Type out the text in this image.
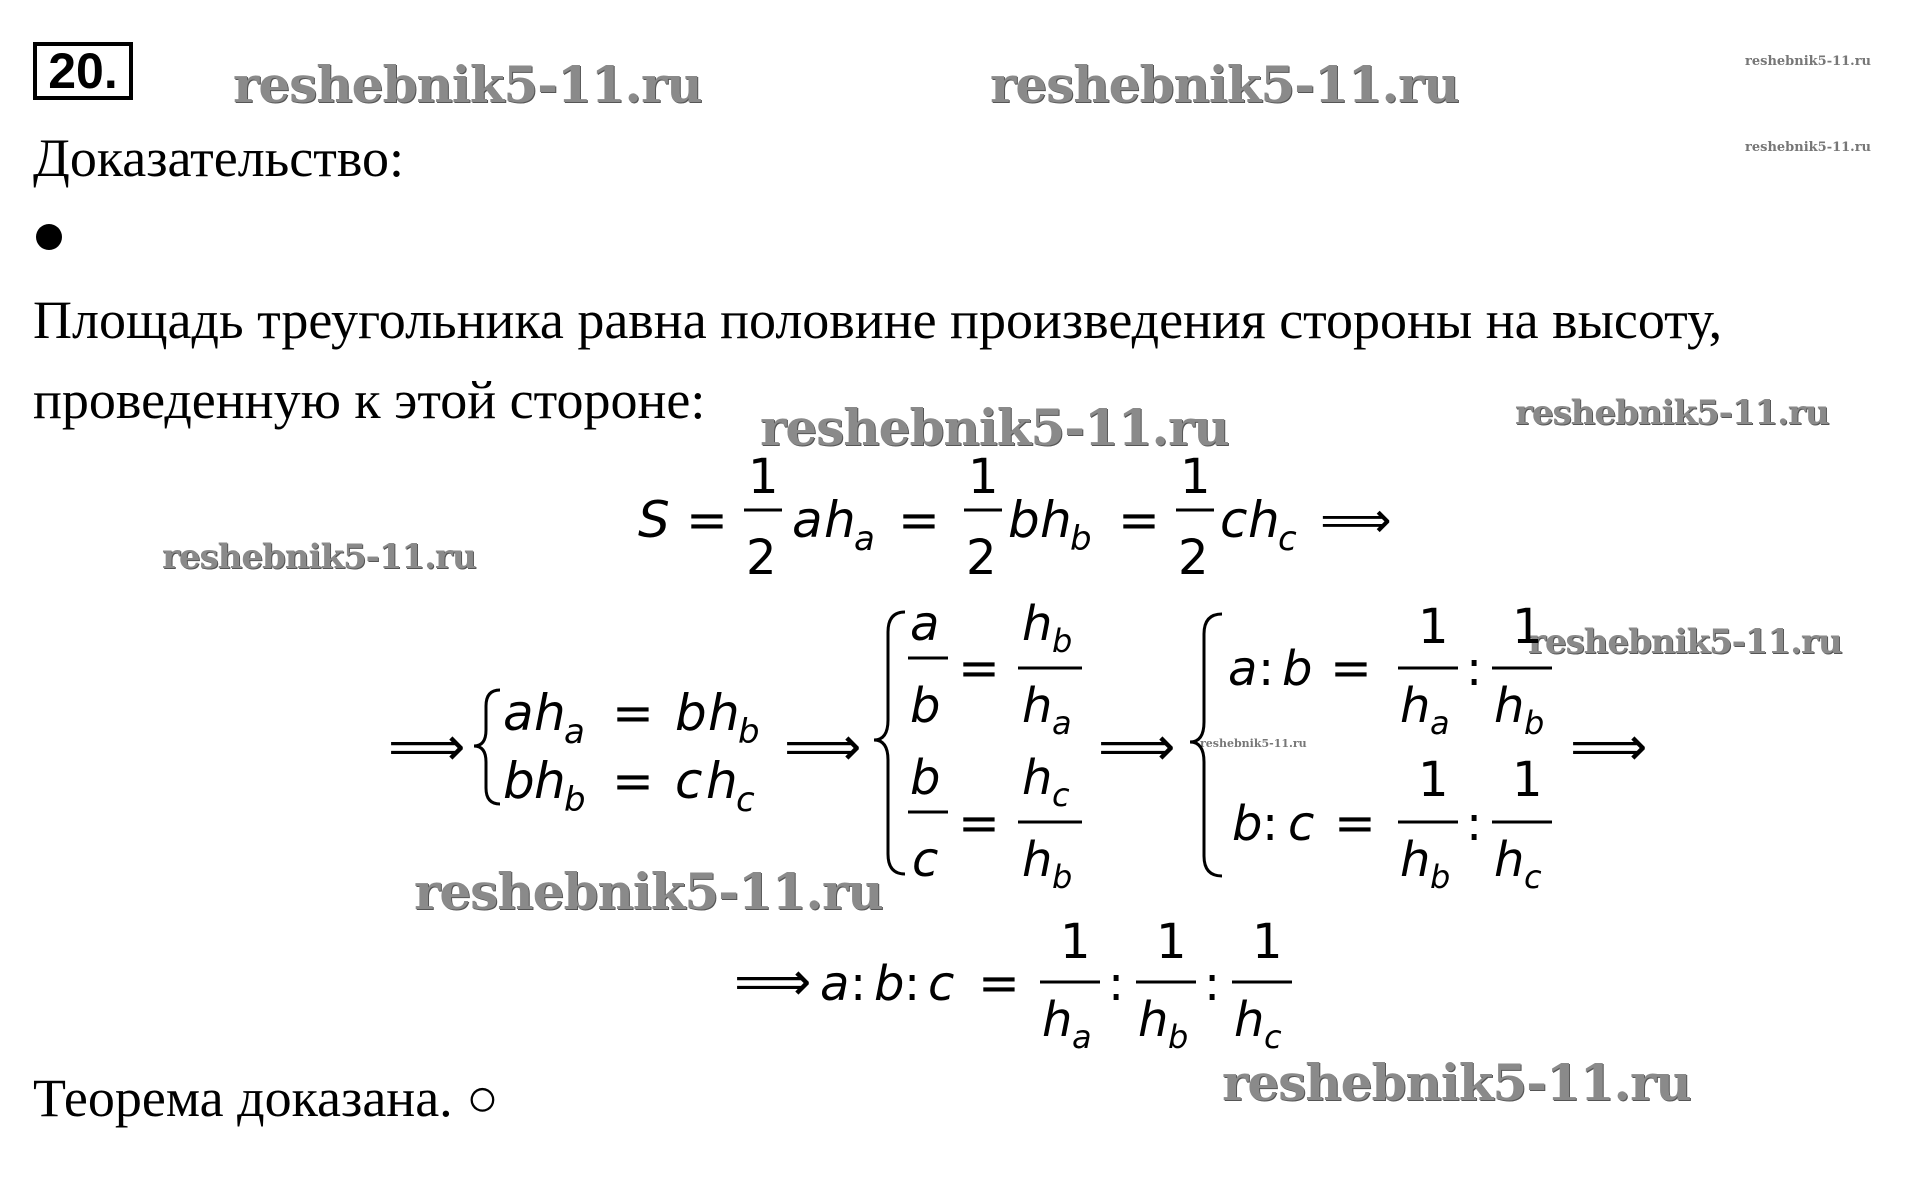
20.	reshebnik5-11.ru	reshebnik5-11.ru	reshebnik5-11.ru
reshebnik5-11.ru
reshebnik5-11.ru	reshebnik5-11.ru
reshebnik5-11.ru
reshebnik5-11.ru
reshebnik5-11.ru
reshebnik5-11.ru
reshebnik5-11.ru
Доказательство:
Площадь треугольника равна половине произведения стороны на высоту,
проведенную к этой стороне:
Теорема доказана. ○
S =
1
2
a h
a =
1
2
b h
b =
1
2
c h
c ⟹
⟹
a h
a = b h
b
b h
b = c h
c
⟹
a
b
=
h b
h a
b
c
=
h c
h b
⟹
a : b =
1
h a
:
1
h b
b : c =
1
h b
:
1
h c
⟹
⟹ a : b : c =
1
h a
:
1
h b
:
1
h c
